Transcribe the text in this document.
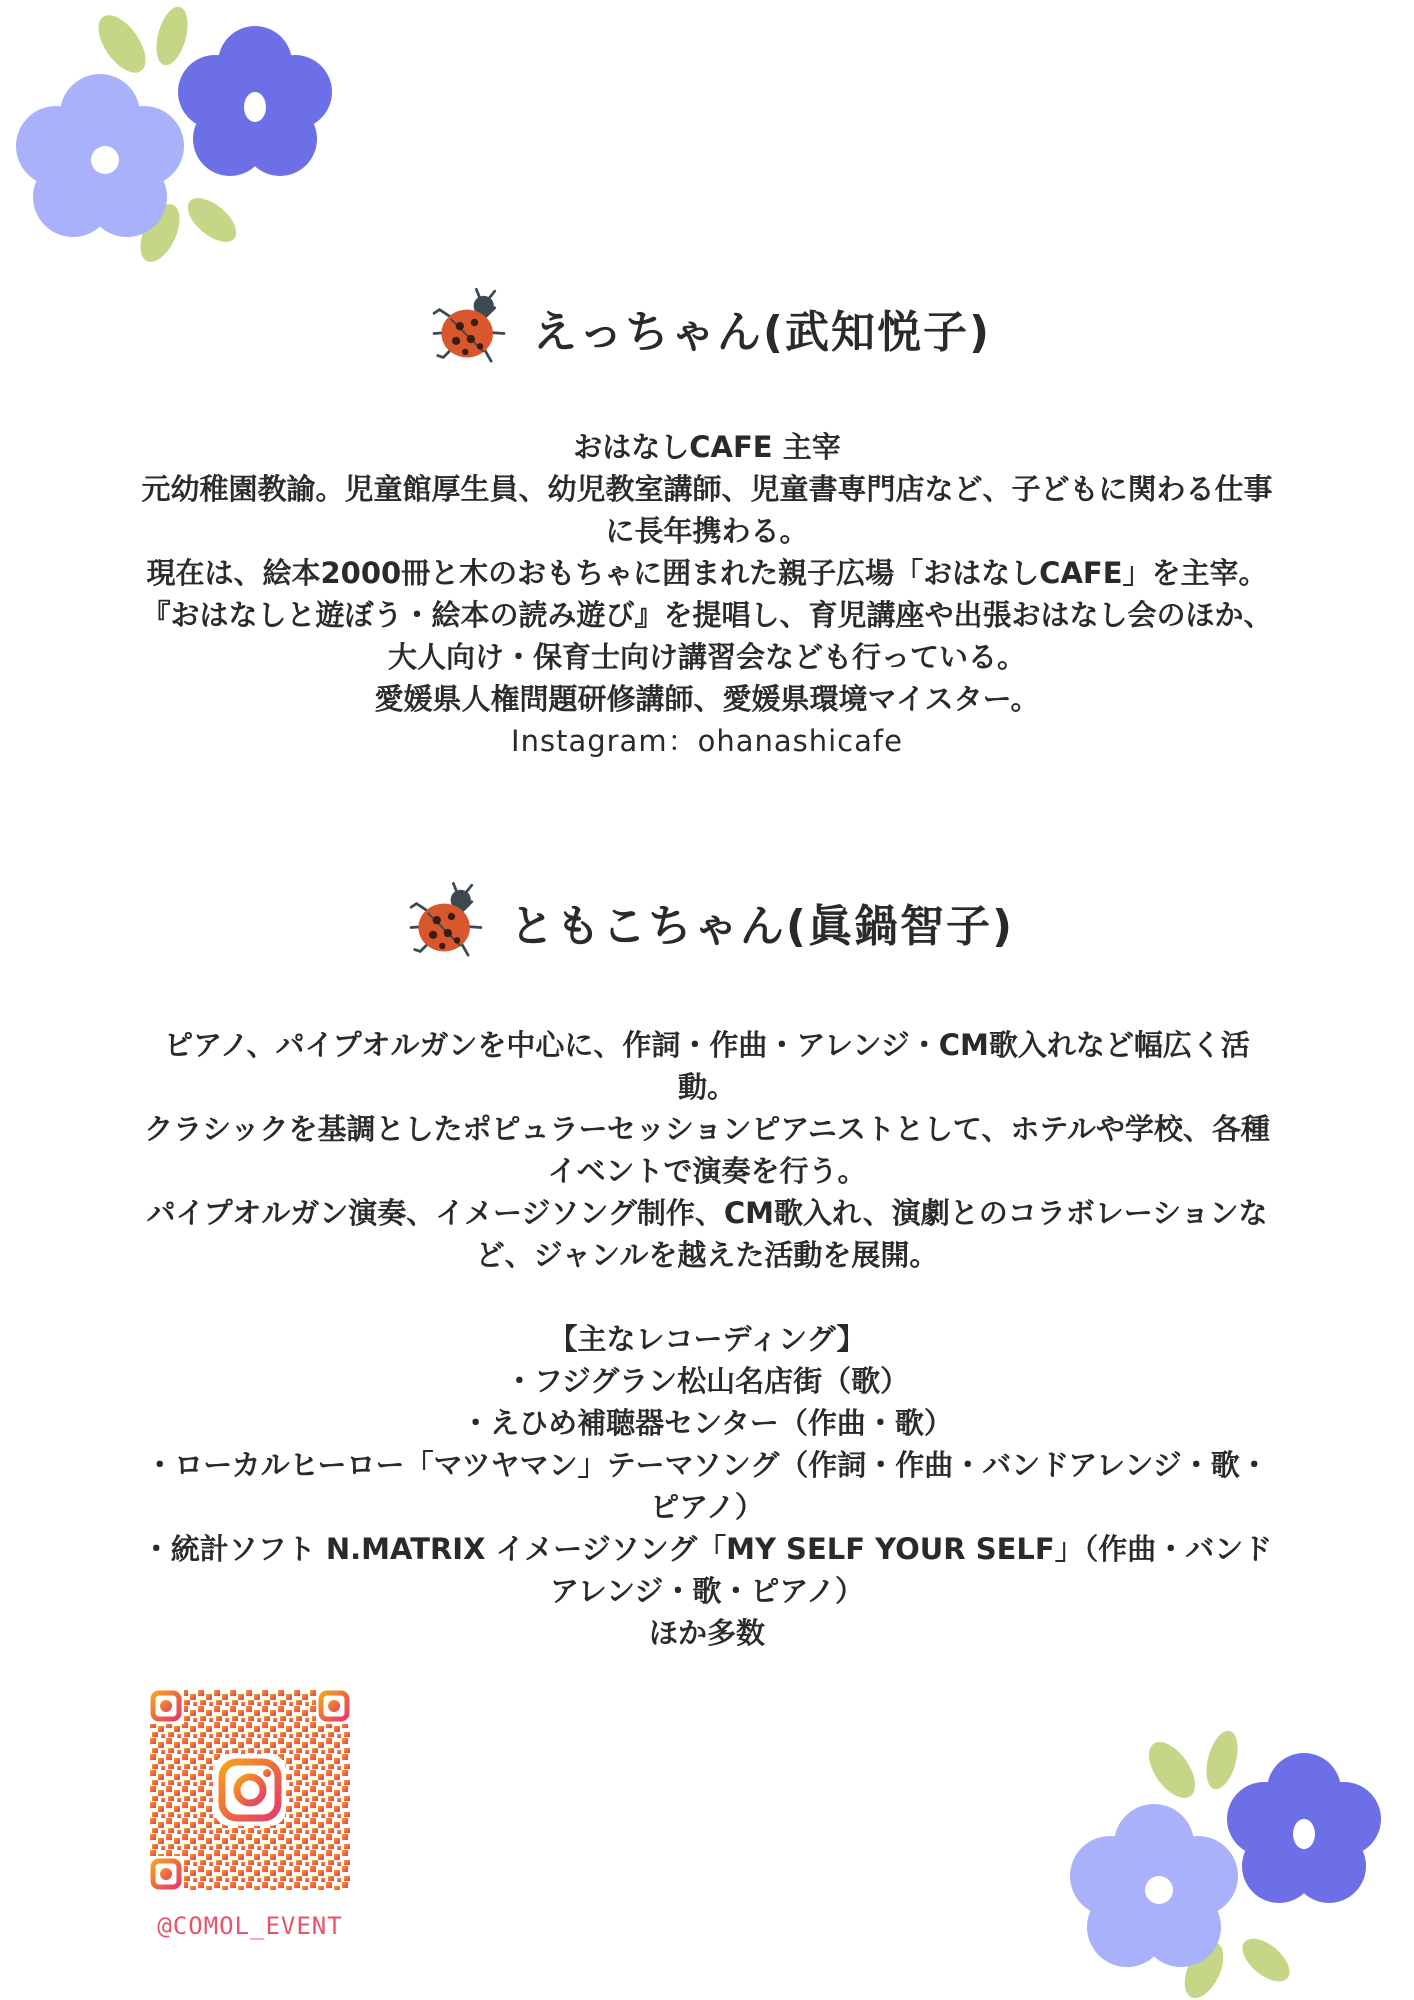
えっちゃん(武知悦子)

おはなしCAFE 主宰

元幼稚園教諭。児童館厚生員、幼児教室講師、児童書専門店など、子どもに関わる仕事に長年携わる。

現在は、絵本2000冊と木のおもちゃに囲まれた親子広場「おはなしCAFE」を主宰。

『おはなしと遊ぼう・絵本の読み遊び』を提唱し、育児講座や出張おはなし会のほか、大人向け・保育士向け講習会なども行っている。

愛媛県人権問題研修講師、愛媛県環境マイスター。

Instagram：ohanashicafe

ともこちゃん(眞鍋智子)

ピアノ、パイプオルガンを中心に、作詞・作曲・アレンジ・CM歌入れなど幅広く活動。

クラシックを基調としたポピュラーセッションピアニストとして、ホテルや学校、各種イベントで演奏を行う。

パイプオルガン演奏、イメージソング制作、CM歌入れ、演劇とのコラボレーションなど、ジャンルを越えた活動を展開。

【主なレコーディング】

・フジグラン松山名店街（歌）

・えひめ補聴器センター（作曲・歌）

・ローカルヒーロー「マツヤマン」テーマソング（作詞・作曲・バンドアレンジ・歌・ピアノ）

・統計ソフト N.MATRIX イメージソング「MY SELF YOUR SELF」（作曲・バンドアレンジ・歌・ピアノ）

ほか多数

@COMOL_EVENT
